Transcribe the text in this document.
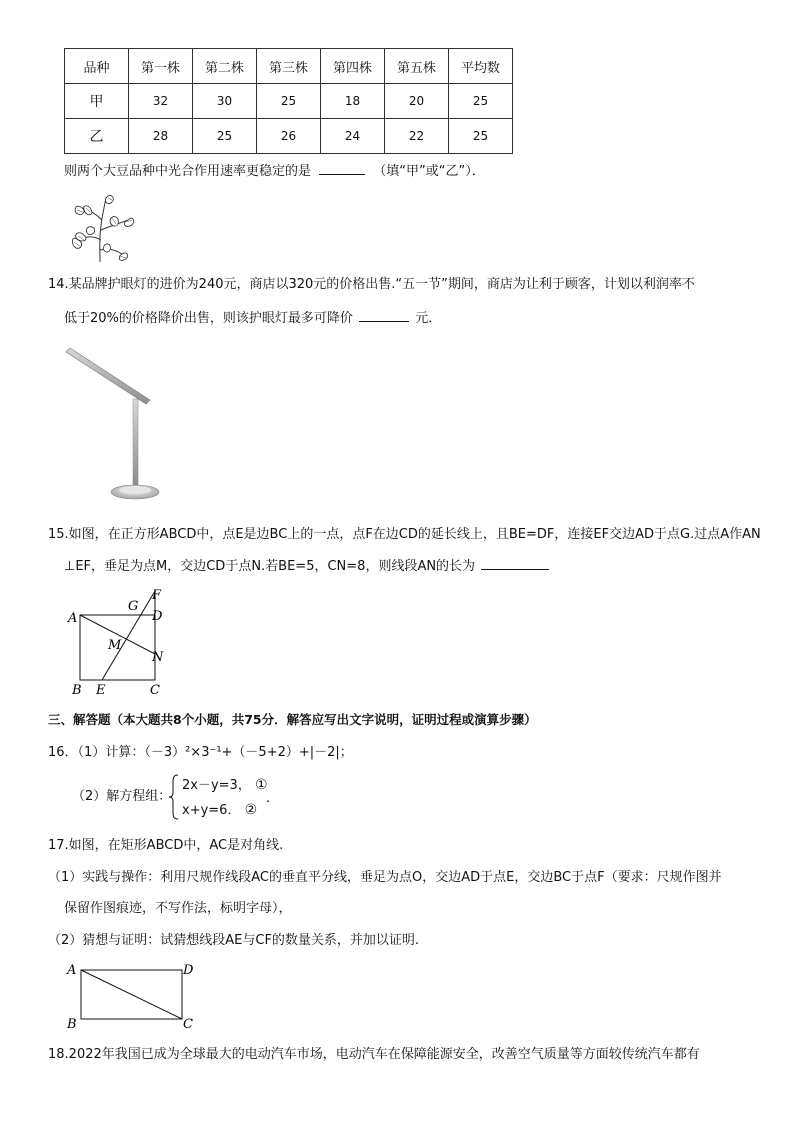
品种	第一株	第二株	第三株	第四株	第五株	平均数
甲	32	30	25	18	20	25
乙	28	25	26	24	22	25
则两个大豆品种中光合作用速率更稳定的是	（填“甲”或“乙”）．
14.某品牌护眼灯的进价为240元，商店以320元的价格出售.“五一节”期间，商店为让利于顾客，计划以利润率不
低于20%的价格降价出售，则该护眼灯最多可降价	元．
15.如图，在正方形ABCD中，点E是边BC上的一点，点F在边CD的延长线上，且BE=DF，连接EF交边AD于点G.过点A作AN
⊥EF，垂足为点M，交边CD于点N.若BE=5，CN=8，则线段AN的长为
A
B	C
D
E
F
G
M
N
三、解答题（本大题共8个小题，共75分．解答应写出文字说明，证明过程或演算步骤）
16．（1）计算：（－3）²×3⁻¹+（－5+2）+|－2|；
（2）解方程组：
2x－y=3， ①
x+y=6． ②
.
17.如图，在矩形ABCD中，AC是对角线.
（1）实践与操作：利用尺规作线段AC的垂直平分线，垂足为点O，交边AD于点E，交边BC于点F（要求：尺规作图并
保留作图痕迹，不写作法，标明字母），
（2）猜想与证明：试猜想线段AE与CF的数量关系，并加以证明.
A
B	C
D
18.2022年我国已成为全球最大的电动汽车市场，电动汽车在保障能源安全，改善空气质量等方面较传统汽车都有
